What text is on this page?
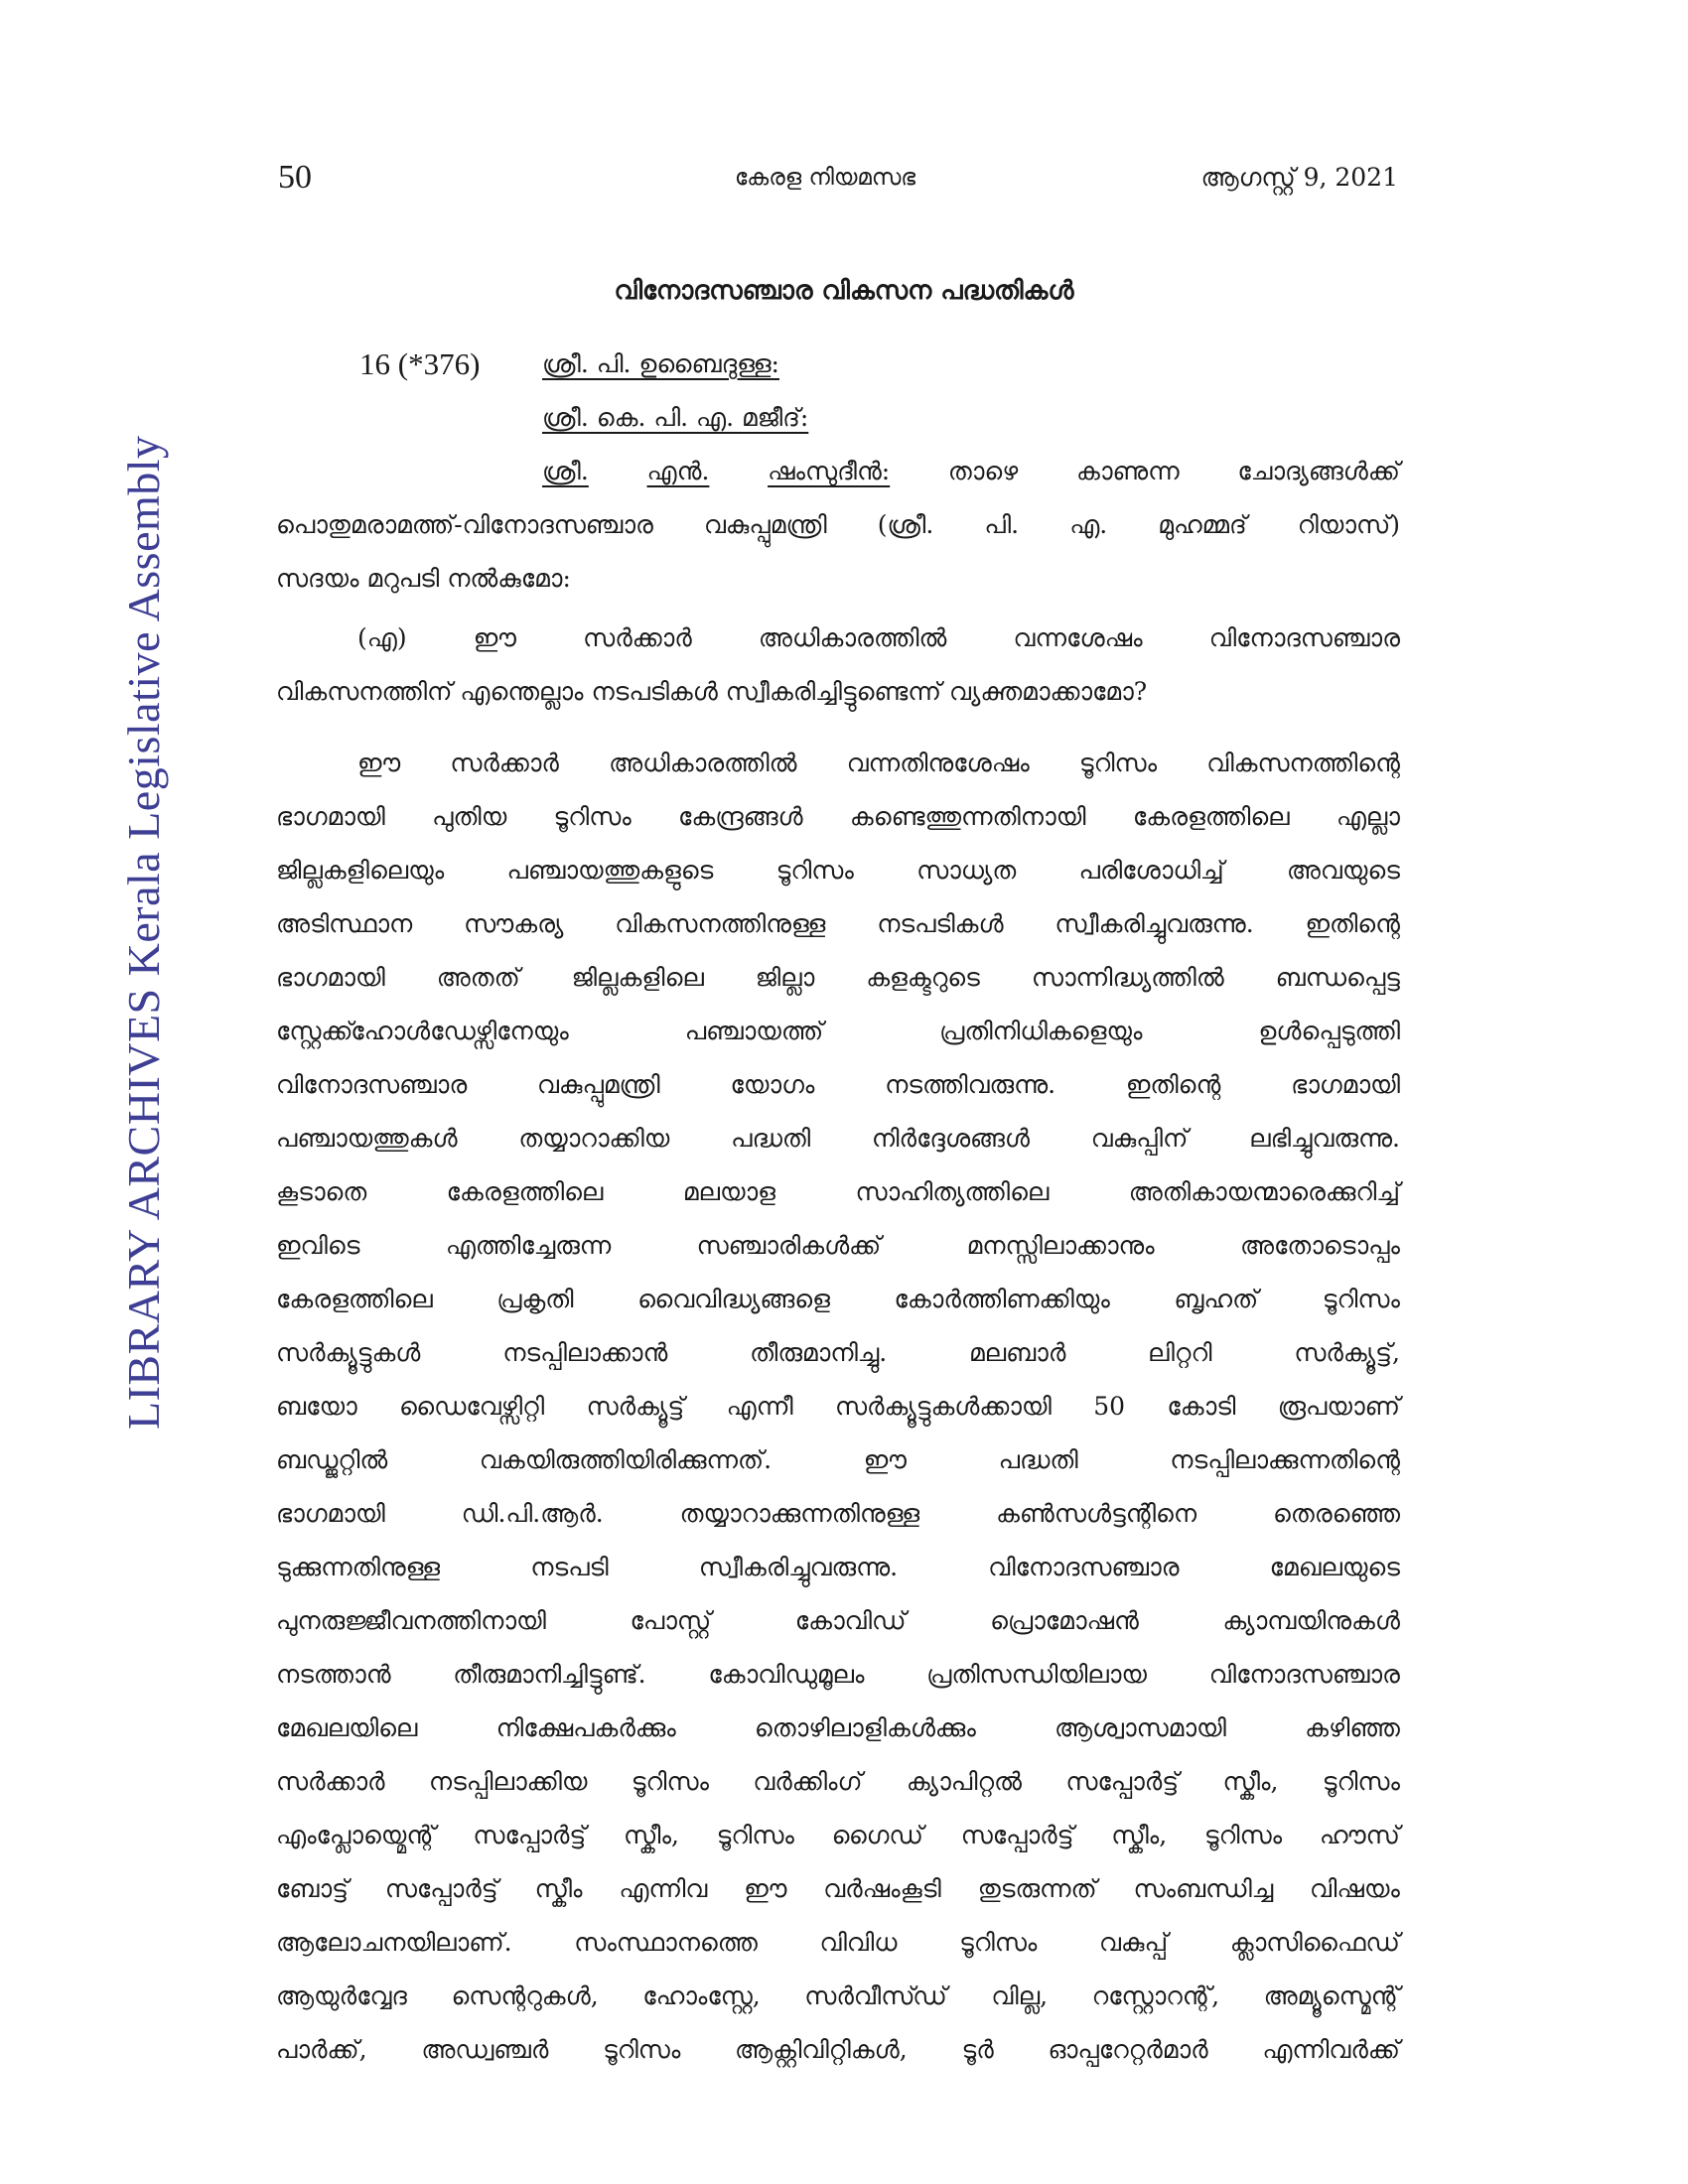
LIBRARY ARCHIVES Kerala Legislative Assembly
50	കേരള നിയമസഭ	ആഗസ്റ്റ് 9, 2021
വിനോദസഞ്ചാര വികസന പദ്ധതികൾ
16 (*376)	ശ്രീ. പി. ഉബൈദുള്ള:
ശ്രീ. കെ. പി. എ. മജീദ്:
ശ്രീ. എൻ. ഷംസുദീൻ: താഴെ കാണുന്ന ചോദ്യങ്ങൾക്ക്
പൊതുമരാമത്ത്-വിനോദസഞ്ചാര വകുപ്പുമന്ത്രി (ശ്രീ. പി. എ. മുഹമ്മദ് റിയാസ്)
സദയം മറുപടി നൽകുമോ:
(എ)	ഈ	സർക്കാർ	അധികാരത്തിൽ	വന്നശേഷം	വിനോദസഞ്ചാര
വികസനത്തിന് എന്തെല്ലാം നടപടികൾ സ്വീകരിച്ചിട്ടുണ്ടെന്ന് വ്യക്തമാക്കാമോ?
ഈ സർക്കാർ അധികാരത്തിൽ വന്നതിനുശേഷം ടൂറിസം വികസനത്തിന്റെ
ഭാഗമായി പുതിയ ടൂറിസം കേന്ദ്രങ്ങൾ കണ്ടെത്തുന്നതിനായി കേരളത്തിലെ എല്ലാ
ജില്ലകളിലെയും	പഞ്ചായത്തുകളുടെ	ടൂറിസം	സാധ്യത	പരിശോധിച്ച്	അവയുടെ
അടിസ്ഥാന സൗകര്യ വികസനത്തിനുള്ള നടപടികൾ സ്വീകരിച്ചുവരുന്നു. ഇതിന്റെ
ഭാഗമായി അതത് ജില്ലകളിലെ ജില്ലാ കളക്ടറുടെ സാന്നിദ്ധ്യത്തിൽ ബന്ധപ്പെട്ട
സ്റ്റേക്ക്ഹോൾഡേഴ്സിനേയും	പഞ്ചായത്ത്	പ്രതിനിധികളെയും	ഉൾപ്പെടുത്തി
വിനോദസഞ്ചാര	വകുപ്പുമന്ത്രി	യോഗം	നടത്തിവരുന്നു.	ഇതിന്റെ	ഭാഗമായി
പഞ്ചായത്തുകൾ തയ്യാറാക്കിയ പദ്ധതി നിർദ്ദേശങ്ങൾ വകുപ്പിന് ലഭിച്ചുവരുന്നു.
കൂടാതെ	കേരളത്തിലെ	മലയാള	സാഹിത്യത്തിലെ	അതികായന്മാരെക്കുറിച്ച്
ഇവിടെ	എത്തിച്ചേരുന്ന	സഞ്ചാരികൾക്ക്	മനസ്സിലാക്കാനും	അതോടൊപ്പം
കേരളത്തിലെ	പ്രകൃതി	വൈവിദ്ധ്യങ്ങളെ	കോർത്തിണക്കിയും	ബൃഹത്	ടൂറിസം
സർക്യൂട്ടുകൾ	നടപ്പിലാക്കാൻ	തീരുമാനിച്ചു.	മലബാർ	ലിറ്ററി	സർക്യൂട്ട്,
ബയോ ഡൈവേഴ്സിറ്റി സർക്യൂട്ട് എന്നീ സർക്യൂട്ടുകൾക്കായി 50 കോടി രൂപയാണ്
ബഡ്ജറ്റിൽ	വകയിരുത്തിയിരിക്കുന്നത്.	ഈ	പദ്ധതി	നടപ്പിലാക്കുന്നതിന്റെ
ഭാഗമായി	ഡി.പി.ആർ.	തയ്യാറാക്കുന്നതിനുള്ള	കൺസൾട്ടന്റിനെ	തെരഞ്ഞെ
ടുക്കുന്നതിനുള്ള	നടപടി	സ്വീകരിച്ചുവരുന്നു.	വിനോദസഞ്ചാര	മേഖലയുടെ
പുനരുജ്ജീവനത്തിനായി	പോസ്റ്റ്	കോവിഡ്	പ്രൊമോഷൻ	ക്യാമ്പയിനുകൾ
നടത്താൻ	തീരുമാനിച്ചിട്ടുണ്ട്.	കോവിഡുമൂലം	പ്രതിസന്ധിയിലായ	വിനോദസഞ്ചാര
മേഖലയിലെ	നിക്ഷേപകർക്കും	തൊഴിലാളികൾക്കും	ആശ്വാസമായി	കഴിഞ്ഞ
സർക്കാർ നടപ്പിലാക്കിയ ടൂറിസം വർക്കിംഗ് ക്യാപിറ്റൽ സപ്പോർട്ട് സ്കീം, ടൂറിസം
എംപ്ലോയ്മെന്റ് സപ്പോർട്ട് സ്കീം, ടൂറിസം ഗൈഡ് സപ്പോർട്ട് സ്കീം, ടൂറിസം ഹൗസ്
ബോട്ട് സപ്പോർട്ട് സ്കീം എന്നിവ ഈ വർഷംകൂടി തുടരുന്നത് സംബന്ധിച്ച വിഷയം
ആലോചനയിലാണ്.	സംസ്ഥാനത്തെ	വിവിധ	ടൂറിസം	വകുപ്പ്	ക്ലാസിഫൈഡ്
ആയുർവ്വേദ സെന്ററുകൾ, ഹോംസ്റ്റേ, സർവീസ്ഡ് വില്ല, റസ്റ്റോറന്റ്, അമ്യൂസ്മെന്റ്
പാർക്ക്, അഡ്വഞ്ചർ ടൂറിസം ആക്റ്റിവിറ്റികൾ, ടൂർ ഓപ്പറേറ്റർമാർ എന്നിവർക്ക്
